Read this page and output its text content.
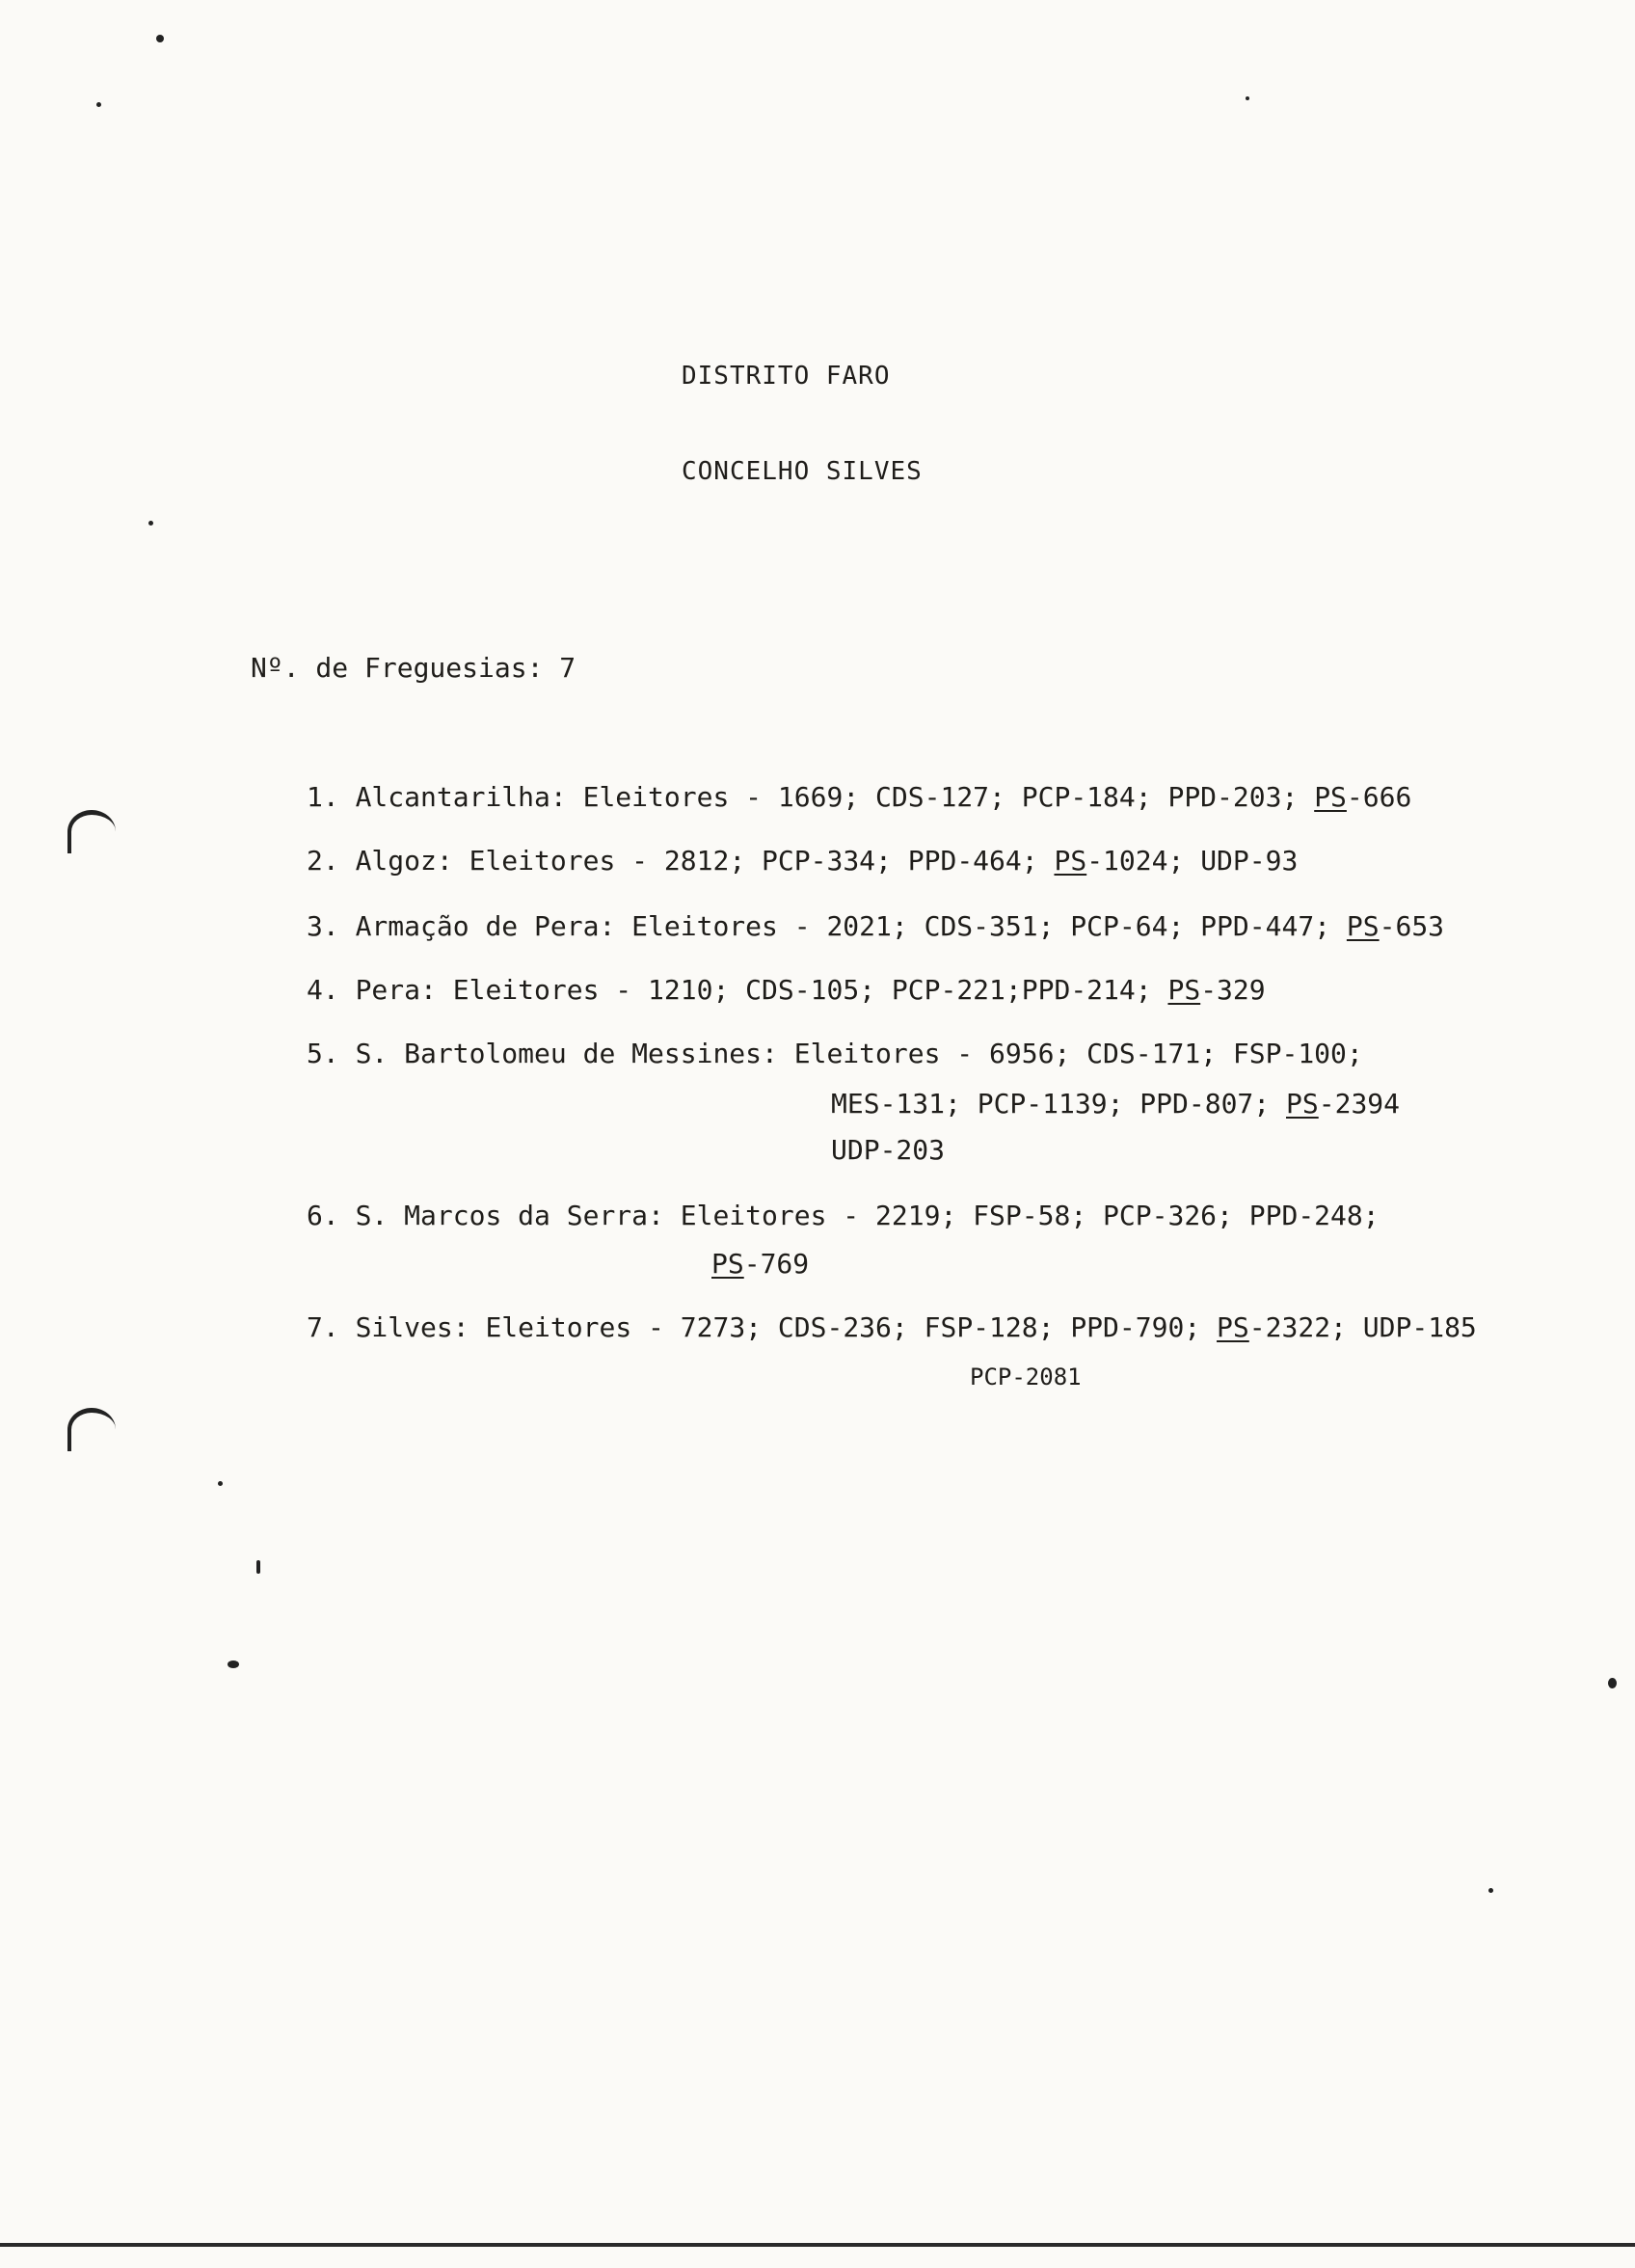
DISTRITO FARO
CONCELHO SILVES
Nº. de Freguesias: 7
1. Alcantarilha: Eleitores - 1669; CDS-127; PCP-184; PPD-203; PS-666
2. Algoz: Eleitores - 2812; PCP-334; PPD-464; PS-1024; UDP-93
3. Armação de Pera: Eleitores - 2021; CDS-351; PCP-64; PPD-447; PS-653
4. Pera: Eleitores - 1210; CDS-105; PCP-221;PPD-214; PS-329
5. S. Bartolomeu de Messines: Eleitores - 6956; CDS-171; FSP-100;
MES-131; PCP-1139; PPD-807; PS-2394
UDP-203
6. S. Marcos da Serra: Eleitores - 2219; FSP-58; PCP-326; PPD-248;
PS-769
7. Silves: Eleitores - 7273; CDS-236; FSP-128; PPD-790; PS-2322; UDP-185
PCP-2081
